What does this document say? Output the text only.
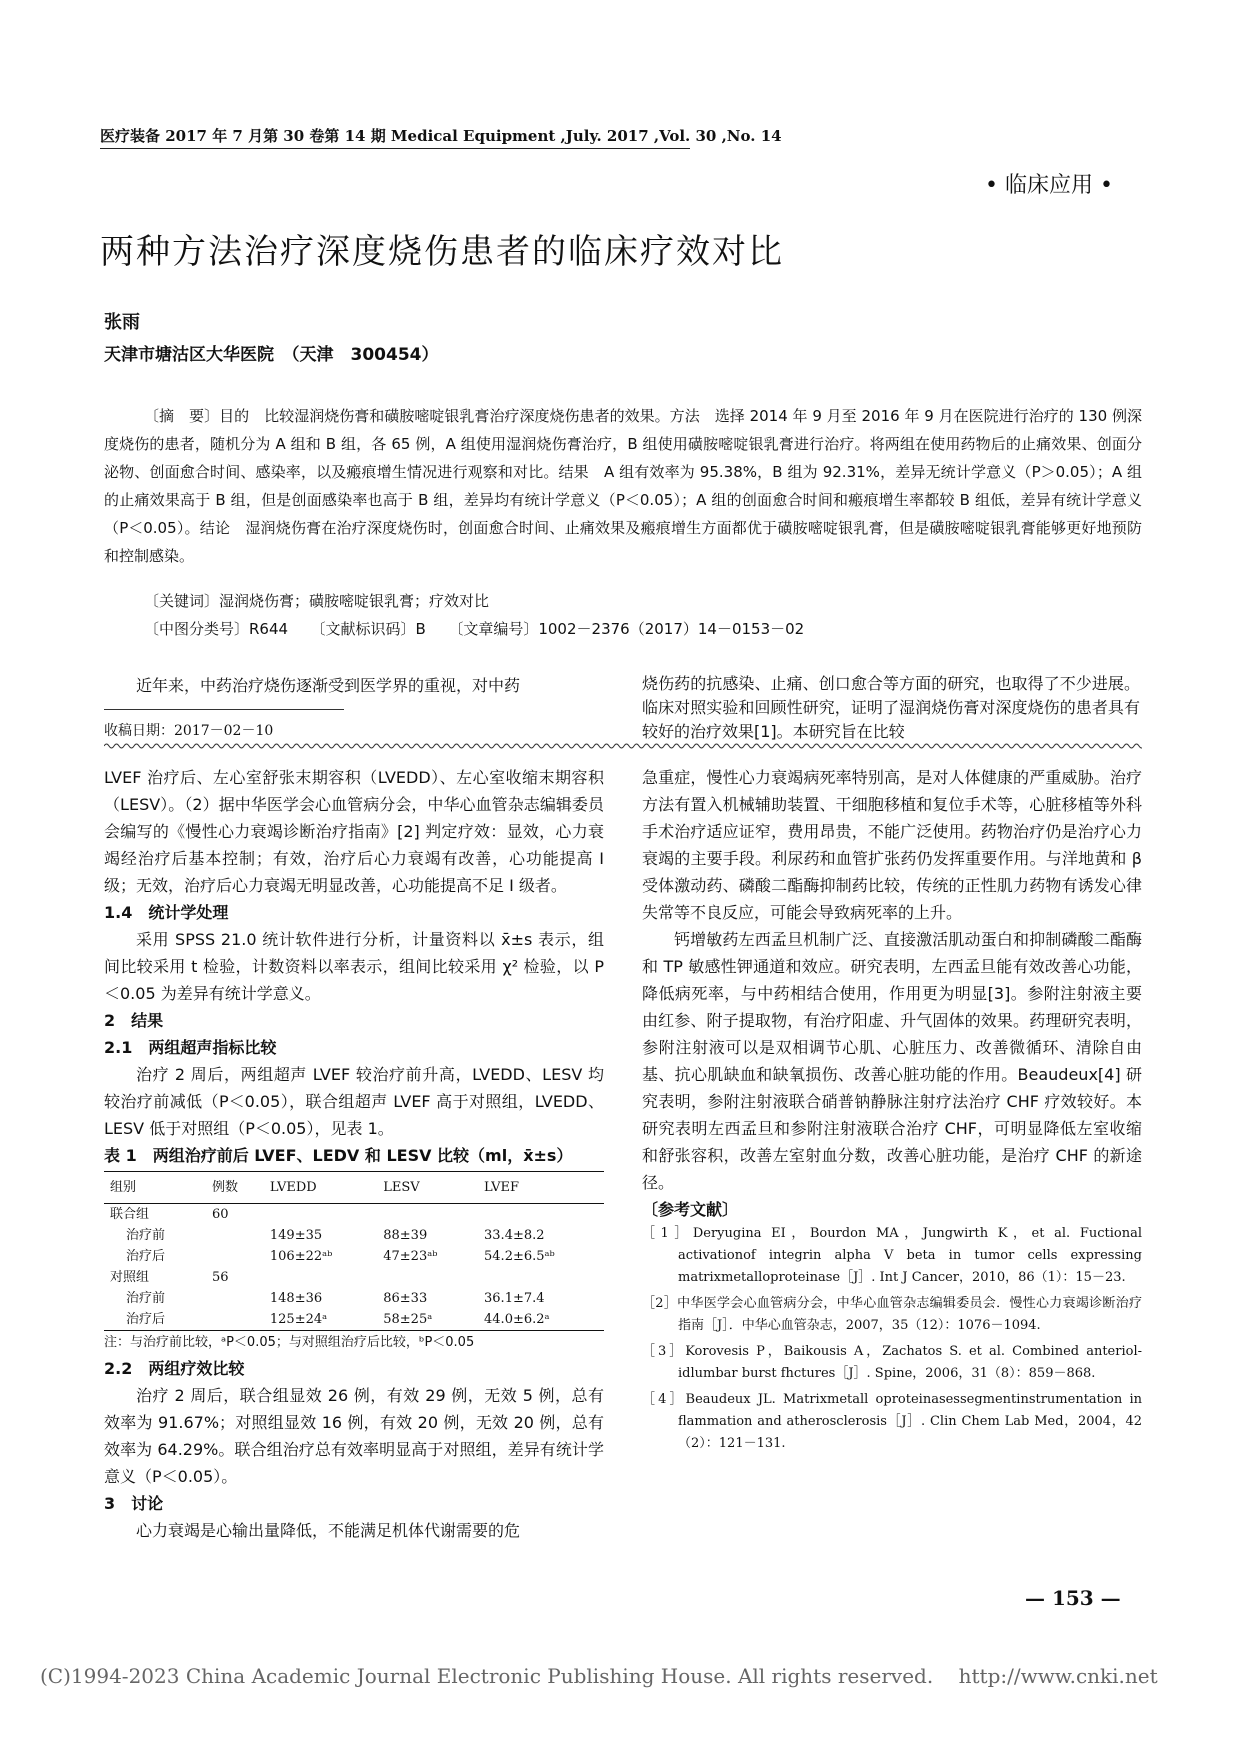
医疗装备 2017 年 7 月第 30 卷第 14 期 Medical Equipment ,July. 2017 ,Vol. 30 ,No. 14
• 临床应用 •
两种方法治疗深度烧伤患者的临床疗效对比
张雨
天津市塘沽区大华医院　（天津　300454）

〔摘　要〕目的　比较湿润烧伤膏和磺胺嘧啶银乳膏治疗深度烧伤患者的效果。方法　选择 2014 年 9 月至 2016 年 9 月在医院进行治疗的 130 例深度烧伤的患者，随机分为 A 组和 B 组，各 65 例，A 组使用湿润烧伤膏治疗，B 组使用磺胺嘧啶银乳膏进行治疗。将两组在使用药物后的止痛效果、创面分泌物、创面愈合时间、感染率，以及瘢痕增生情况进行观察和对比。结果　A 组有效率为 95.38%，B 组为 92.31%，差异无统计学意义（P＞0.05）；A 组的止痛效果高于 B 组，但是创面感染率也高于 B 组，差异均有统计学意义（P＜0.05）；A 组的创面愈合时间和瘢痕增生率都较 B 组低，差异有统计学意义（P＜0.05）。结论　湿润烧伤膏在治疗深度烧伤时，创面愈合时间、止痛效果及瘢痕增生方面都优于磺胺嘧啶银乳膏，但是磺胺嘧啶银乳膏能够更好地预防和控制感染。

〔关键词〕湿润烧伤膏；磺胺嘧啶银乳膏；疗效对比
〔中图分类号〕R644　　〔文献标识码〕B　　〔文章编号〕1002－2376（2017）14－0153－02
近年来，中药治疗烧伤逐渐受到医学界的重视，对中药
收稿日期：2017－02－10
烧伤药的抗感染、止痛、创口愈合等方面的研究，也取得了不少进展。临床对照实验和回顾性研究，证明了湿润烧伤膏对深度烧伤的患者具有较好的治疗效果[1]。本研究旨在比较

LVEF 治疗后、左心室舒张末期容积（LVEDD）、左心室收缩末期容积（LESV）。（2）据中华医学会心血管病分会，中华心血管杂志编辑委员会编写的《慢性心力衰竭诊断治疗指南》[2] 判定疗效：显效，心力衰竭经治疗后基本控制；有效，治疗后心力衰竭有改善，心功能提高 I 级；无效，治疗后心力衰竭无明显改善，心功能提高不足 I 级者。

1.4　统计学处理

采用 SPSS 21.0 统计软件进行分析，计量资料以 x̄±s 表示，组间比较采用 t 检验，计数资料以率表示，组间比较采用 χ² 检验，以 P＜0.05 为差异有统计学意义。

2　结果

2.1　两组超声指标比较

治疗 2 周后，两组超声 LVEF 较治疗前升高，LVEDD、LESV 均较治疗前减低（P＜0.05），联合组超声 LVEF 高于对照组，LVEDD、LESV 低于对照组（P＜0.05），见表 1。

表 1　两组治疗前后 LVEF、LEDV 和 LESV 比较（ml，x̄±s）

组别	例数	LVEDD	LESV	LVEF
联合组	60			
治疗前		149±35	88±39	33.4±8.2
治疗后		106±22ᵃᵇ	47±23ᵃᵇ	54.2±6.5ᵃᵇ
对照组	56			
治疗前		148±36	86±33	36.1±7.4
治疗后		125±24ᵃ	58±25ᵃ	44.0±6.2ᵃ

注：与治疗前比较，ᵃP＜0.05；与对照组治疗后比较，ᵇP＜0.05

2.2　两组疗效比较

治疗 2 周后，联合组显效 26 例，有效 29 例，无效 5 例，总有效率为 91.67%；对照组显效 16 例，有效 20 例，无效 20 例，总有效率为 64.29%。联合组治疗总有效率明显高于对照组，差异有统计学意义（P＜0.05）。

3　讨论

心力衰竭是心输出量降低，不能满足机体代谢需要的危

急重症，慢性心力衰竭病死率特别高，是对人体健康的严重威胁。治疗方法有置入机械辅助装置、干细胞移植和复位手术等，心脏移植等外科手术治疗适应证窄，费用昂贵，不能广泛使用。药物治疗仍是治疗心力衰竭的主要手段。利尿药和血管扩张药仍发挥重要作用。与洋地黄和 β 受体激动药、磷酸二酯酶抑制药比较，传统的正性肌力药物有诱发心律失常等不良反应，可能会导致病死率的上升。

钙增敏药左西孟旦机制广泛、直接激活肌动蛋白和抑制磷酸二酯酶和 TP 敏感性钾通道和效应。研究表明，左西孟旦能有效改善心功能，降低病死率，与中药相结合使用，作用更为明显[3]。参附注射液主要由红参、附子提取物，有治疗阳虚、升气固体的效果。药理研究表明，参附注射液可以是双相调节心肌、心脏压力、改善微循环、清除自由基、抗心肌缺血和缺氧损伤、改善心脏功能的作用。Beaudeux[4] 研究表明，参附注射液联合硝普钠静脉注射疗法治疗 CHF 疗效较好。本研究表明左西孟旦和参附注射液联合治疗 CHF，可明显降低左室收缩和舒张容积，改善左室射血分数，改善心脏功能，是治疗 CHF 的新途径。

〔参考文献〕

［1］Deryugina EI，Bourdon MA，Jungwirth K，et al. Fuctional activationof integrin alpha V beta in tumor cells expressing matrixmetalloproteinase［J］. Int J Cancer，2010，86（1）：15－23.
［2］中华医学会心血管病分会，中华心血管杂志编辑委员会．慢性心力衰竭诊断治疗指南［J］．中华心血管杂志，2007，35（12）：1076－1094.
［3］Korovesis P，Baikousis A，Zachatos S. et al. Combined anteriol-idlumbar burst fhctures［J］. Spine，2006，31（8）：859－868.
［4］Beaudeux JL. Matrixmetall oproteinasessegmentinstrumentation in flammation and atherosclerosis［J］. Clin Chem Lab Med，2004，42（2）：121－131.
— 153 —
(C)1994-2023 China Academic Journal Electronic Publishing House. All rights reserved.    http://www.cnki.net
